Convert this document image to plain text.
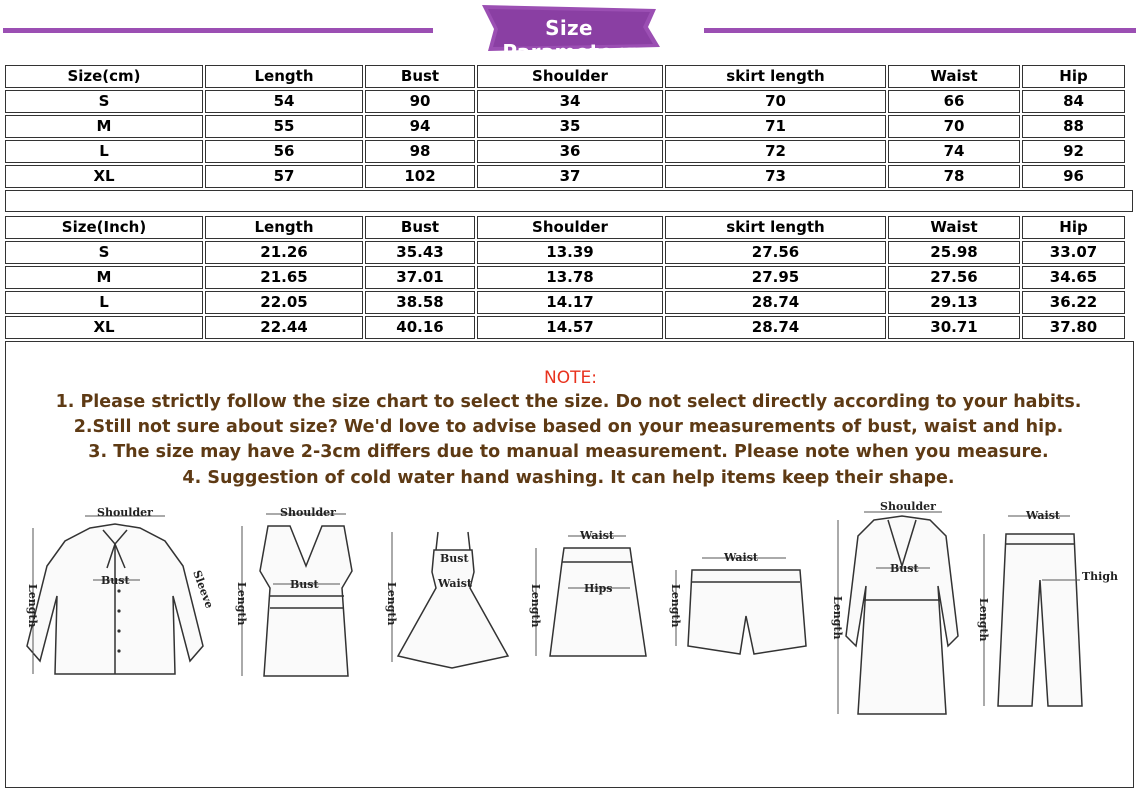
Size Parameters
Size(cm)	Length	Bust	Shoulder	skirt length	Waist	Hip
S	54	90	34	70	66	84
M	55	94	35	71	70	88
L	56	98	36	72	74	92
XL	57	102	37	73	78	96
Size(Inch)	Length	Bust	Shoulder	skirt length	Waist	Hip
S	21.26	35.43	13.39	27.56	25.98	33.07
M	21.65	37.01	13.78	27.95	27.56	34.65
L	22.05	38.58	14.17	28.74	29.13	36.22
XL	22.44	40.16	14.57	28.74	30.71	37.80
NOTE:
1. Please strictly follow the size chart to select the size. Do not select directly according to your habits.
2.Still not sure about size? We'd love to advise based on your measurements of bust, waist and hip.
3. The size may have 2-3cm differs due to manual measurement. Please note when you measure.
4. Suggestion of cold water hand washing. It can help items keep their shape.
Shoulder
Bust	Sleeve
Length
Shoulder
Bust
Length
Bust
Waist
Length
Waist
Hips
Length
Waist
Length
Shoulder
Bust
Length
Waist
Thigh
Length
